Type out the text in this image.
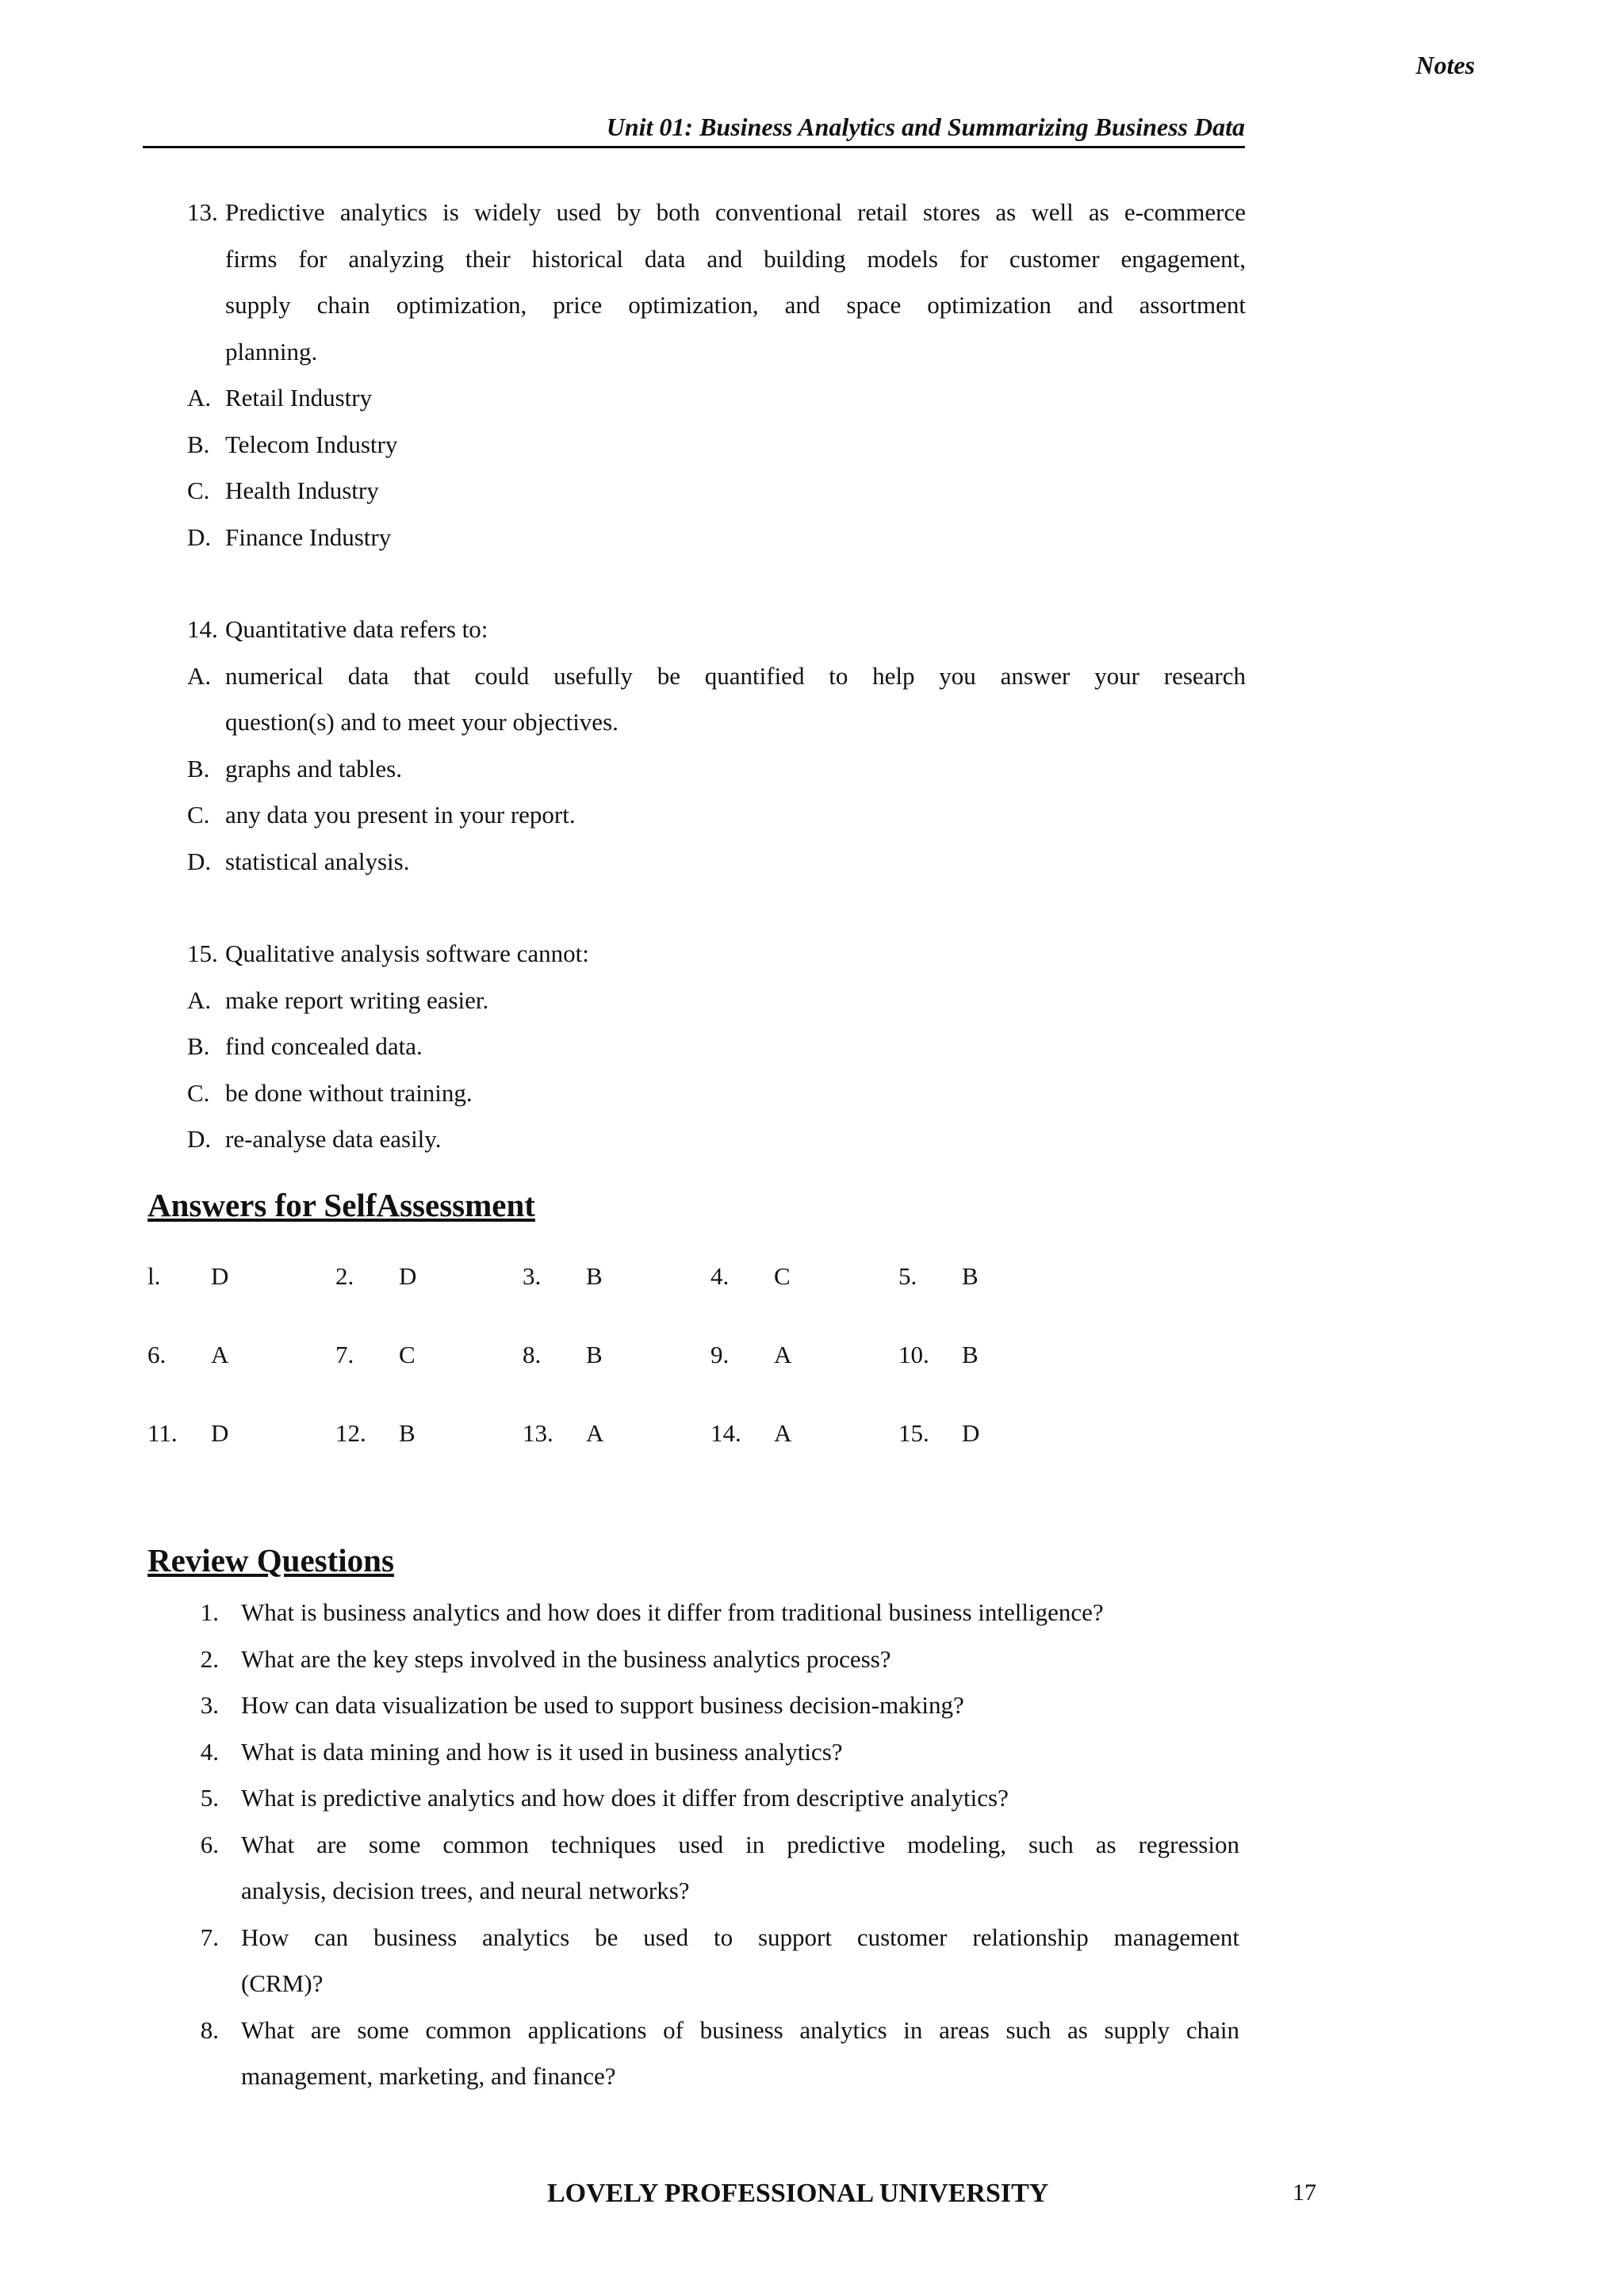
Notes
Unit 01: Business Analytics and Summarizing Business Data
13. Predictive analytics is widely used by both conventional retail stores as well as e-commerce
firms for analyzing their historical data and building models for customer engagement,
supply chain optimization, price optimization, and space optimization and assortment
planning.
A. Retail Industry
B. Telecom Industry
C. Health Industry
D. Finance Industry
14. Quantitative data refers to:
A. numerical data that could usefully be quantified to help you answer your research
question(s) and to meet your objectives.
B. graphs and tables.
C. any data you present in your report.
D. statistical analysis.
15. Qualitative analysis software cannot:
A. make report writing easier.
B. find concealed data.
C. be done without training.
D. re-analyse data easily.
Answers for SelfAssessment
l. D	2. D	3. B	4. C	5. B
6. A	7. C	8. B	9. A	10. B
11. D	12. B	13. A	14. A	15. D
Review Questions
1. What is business analytics and how does it differ from traditional business intelligence?
2. What are the key steps involved in the business analytics process?
3. How can data visualization be used to support business decision-making?
4. What is data mining and how is it used in business analytics?
5. What is predictive analytics and how does it differ from descriptive analytics?
6. What are some common techniques used in predictive modeling, such as regression
analysis, decision trees, and neural networks?
7. How can business analytics be used to support customer relationship management
(CRM)?
8. What are some common applications of business analytics in areas such as supply chain
management, marketing, and finance?
LOVELY PROFESSIONAL UNIVERSITY	17
